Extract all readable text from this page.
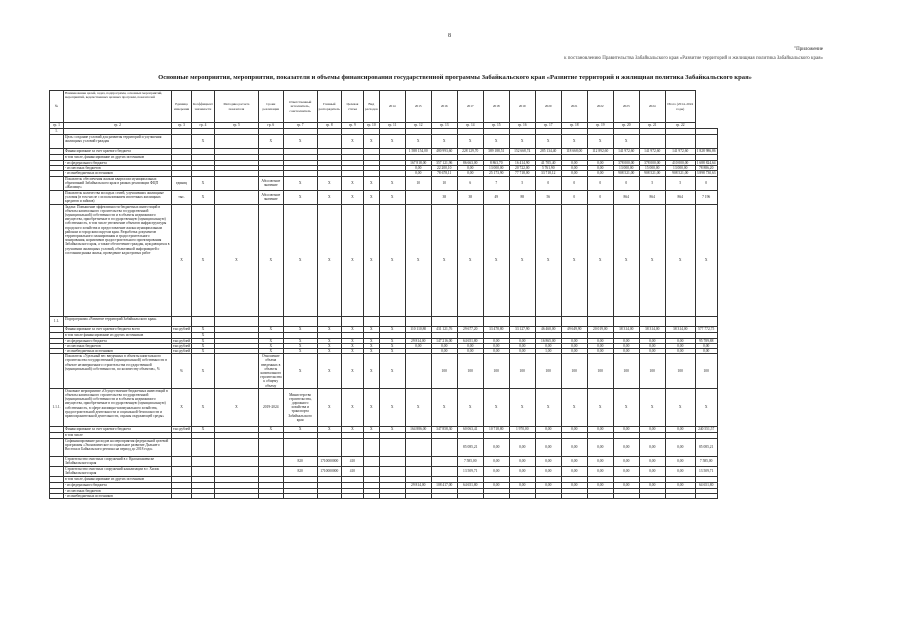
8
"Приложение
к постановлению Правительства Забайкальского края «Развитие территорий и жилищная политика Забайкальского края»
Основные мероприятия, мероприятия, показатели и объемы финансирования государственной программы Забайкальского края «Развитие территорий и жилищная политика Забайкальского края»
№	Наименование целей, задач, подпрограмм, основных мероприятий, мероприятий, ведомственных целевых программ, показателей	Единица измерения	Коэффициент значимости	Методика расчета показателя	Сроки реализации	Ответственный исполнитель, соисполнитель	Главный распорядитель	Целевая статья	Вид расходов	2014	2015	2016	2017	2018	2019	2020	2021	2022	2023	2024	Итого (2014–2024 годы)	
гр. 1	гр. 2	гр. 3	гр. 4	гр. 5	гр. 6	гр. 7	гр. 8	гр. 9	гр. 10	гр. 11	гр. 12	гр. 13	гр. 14	гр. 15	гр. 16	гр. 17	гр. 18	гр. 19	гр. 20	гр. 21	гр. 22	
1.																						
	Цель: создание условий для развития территорий и улучшения жилищных условий граждан		X		X	X		X	X	X	X	X	X	X	X	X	X	X	X			
	Финансирование за счет краевого бюджета										1 588 154,00	480 993,60	228 129,70	389 188,51	152 668,74	285 134,40	118 668,00	112 892,60	141 972,60	141 972,60	141 972,60	1 828 986,86
	в том числе, финансирование из других источников																					
	- из федерального бюджета										167 818,00	357 121,96	86 663,00	8 863,70	16 414,90	41 705,40	0,00	0,00	378 000,00	378 000,00	410 000,00	1 688 824,64
	- из местных бюджетов										0,00	22 200,10	0,00	13 000,00	20 722,00	5 761,90	0,00	0,00	13 000,00	15 000,00	13 000,00	78 886,20
	- из внебюджетных источников										0,00	78 678,11	0,00	25 173,90	77 718,00	33 718,12	0,00	0,00	908 521,00	908 521,00	908 521,00	3 898 730,63
	Показатель обеспечения жилым кварталом муниципальных образований Забайкальского края в рамках реализации ФЦП «Жилище»	единиц	X		Абсолютное значение	X	X	X	X	X	10	10	6	7	5	0	0	0	0	5	5	0
	Показатель количества молодых семей, улучшивших жилищные условия (в том числе с использованием ипотечных жилищных кредитов и займов)	тыс.	X		Абсолютное значение	X	X	X	X	X		38	38	49	88	56	0	0	864	864	864	7 196
	Задача: Повышение эффективности бюджетных инвестиций в объекты капитального строительства государственной (муниципальной) собственности и в объекты недвижимого имущества, приобретаемые в государственную (муниципальную) собственность, в том числе увеличение объектов инфраструктуры городского хозяйства и предоставление жилья муниципальным районам и городским округам края. Разработка документов территориального планирования и градостроительного зонирования, нормативов градостроительного проектирования Забайкальского края, а также обеспечение граждан, нуждающихся в улучшении жилищных условий, объективной информацией о состоянии рынка жилья, проведение кадастровых работ	X	X	X	X	X	X	X	X	X	X	X	X	X	X	X	X	X	X	X	X	X
1.1.	Подпрограмма «Развитие территорий Забайкальского края»																					
	Финансирование за счет краевого бюджета всего	тыс.рублей	X		X	X	X	X	X	X	110 110,80	431 121,76	29 677,20	33 478,80	33 127,90	46 460,00	49 649,90	20 019,00	38 314,00	38 314,00	38 314,00	577 772,75
	в том числе финансирование из других источников		X																			
	- из федерального бюджета	тыс.рублей	X		X	X	X	X	X	X	29 814,00	147 216,00	64 651,80	0,00	0,00	16 865,00	0,00	0,00	0,00	0,00	0,00	95 789,88
	- из местных бюджетов	тыс.рублей	X		X	X	X	X	X	X	0,00	0,00	0,00	0,00	0,00	0,00	0,00	0,00	0,00	0,00	0,00	0,00
	- из внебюджетных источников	тыс.рублей	X		X	X	X	X	X	X		0,00	0,00	0,00	0,00	1,00	0,00	0,00	0,00	0,00	0,00	0,00
	Показатель «Удельный вес введенных в объекты капитального строительства государственной (муниципальной) собственности в объекте незавершенного строительства государственной (муниципальной) собственности, по количеству объектов», %	%	X		Отношение объема введенных в объекты капитального строительства к общему объему	X	X	X	X	X		100	100	100	100	100	100	100	100	100	100	100
1.1.1.	Основное мероприятие «Осуществление бюджетных инвестиций в объекты капитального строительства государственной (муниципальной) собственности и в объекты недвижимого имущества, приобретаемые в государственную (муниципальную) собственность, в сфере жилищно-коммунального хозяйства, градостроительной деятельности и социальной безопасности и правоохранительной деятельности, охраны окружающей среды»	X	X	X	2019-2024	Министерство строительства, дорожного хозяйства и транспорта Забайкальского края	X	X	X	X	X	X	X	X	X	X	X	X	X	X	X	X
	Финансирование за счет краевого бюджета	тыс.рублей	X		X	X	X	X	X	X	164 886,00	347 858,30	60 063,41	10 718,80	1 970,00	0,00	0,00	0,00	0,00	0,00	0,00	240 551,57
	в том числе																					
	Софинансирование расходов на мероприятия федеральной целевой программы «Экономическое и социальное развитие Дальнего Востока и Байкальского региона на период до 2018 года»												85 085,21	0,00	0,00	0,00	0,00	0,00	0,00	0,00	0,00	85 085,21
	Строительство очистных сооружений в г. Краснокаменске Забайкальского края					820	1710000000	410					7 585,00	0,00	0,00	0,00	0,00	0,00	0,00	0,00	0,00	7 585,00
	Строительство очистных сооружений канализации в г. Хилок Забайкальского края					820	1710000000	410					13 509,71	0,00	0,00	0,00	0,00	0,00	0,00	0,00	0,00	13 509,71
	в том числе, финансирование из других источников																					
	- из федерального бюджета										29 814,00	108 417,00	64 651,80	0,00	0,00	0,00	0,00	0,00	0,00	0,00	0,00	64 651,80
	- из местных бюджетов																					
	- из внебюджетных источников																					
